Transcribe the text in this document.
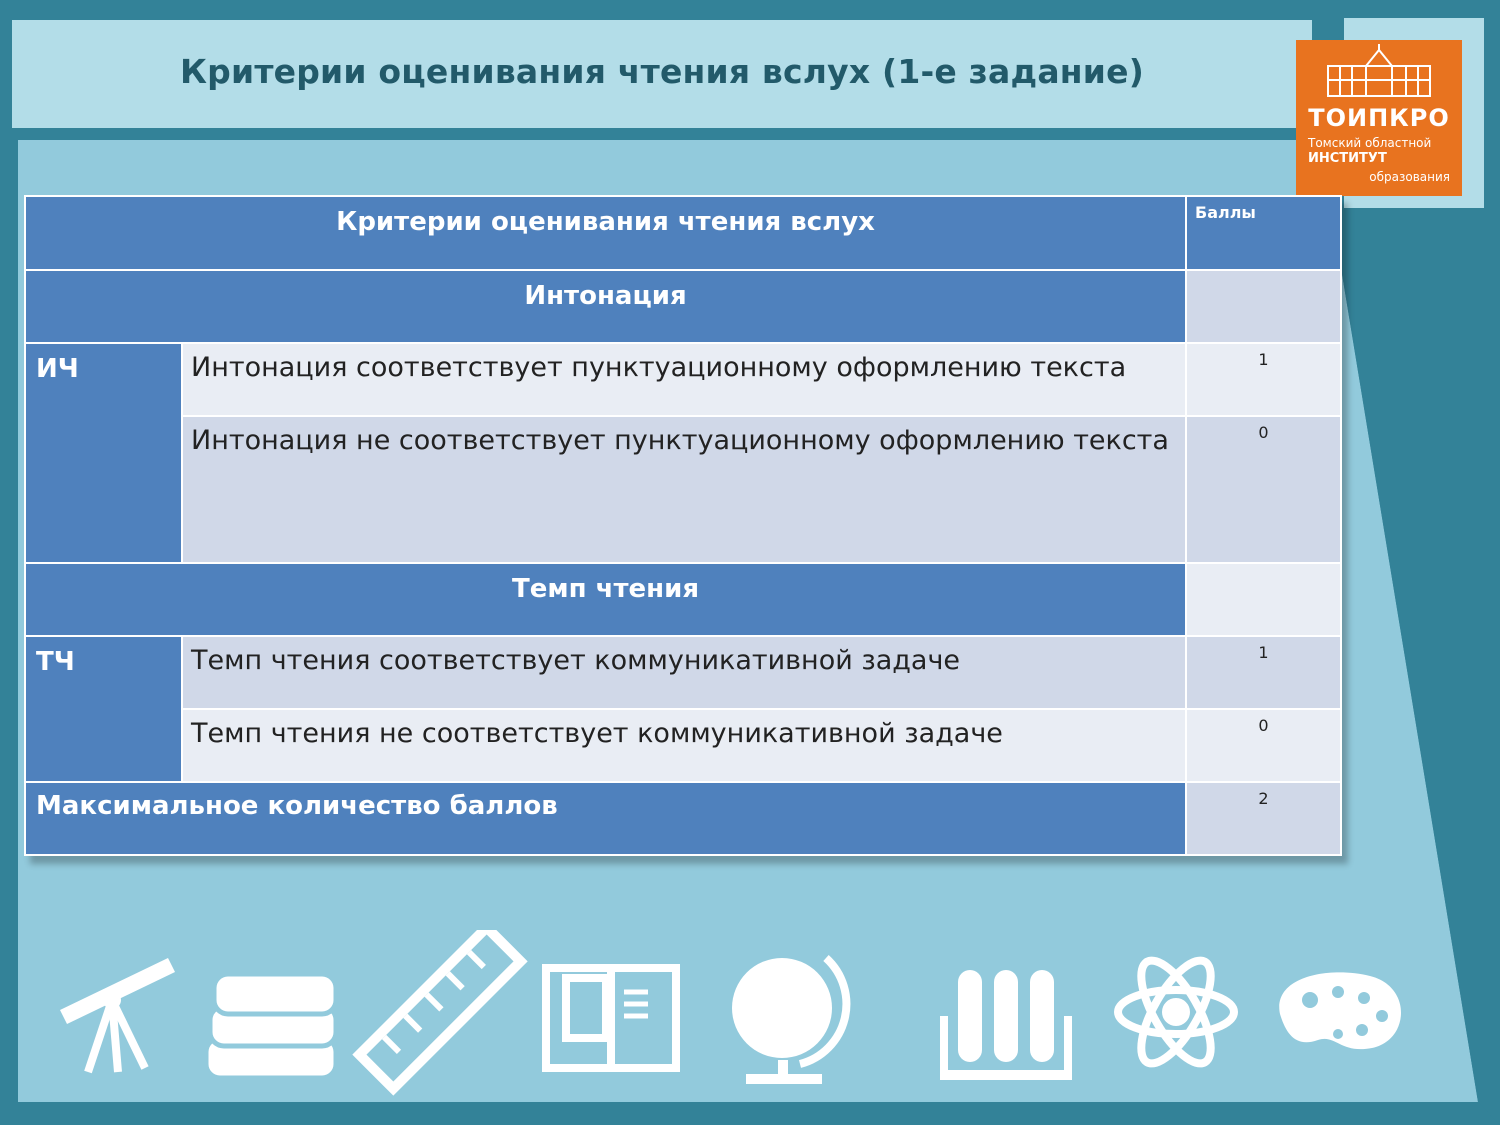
Критерии оценивания чтения вслух (1-е задание)
ТОИПКРО
Томский областной
ИНСТИТУТ
образования
Критерии оценивания чтения вслух		Баллы

Интонация		

ИЧ	Интонация соответствует пунктуационному оформлению текста	1

	Интонация не соответствует пунктуационному оформлению текста	0

Темп чтения		

ТЧ	Темп чтения соответствует коммуникативной задаче	1

	Темп чтения не соответствует коммуникативной задаче	0

Максимальное количество баллов		2
